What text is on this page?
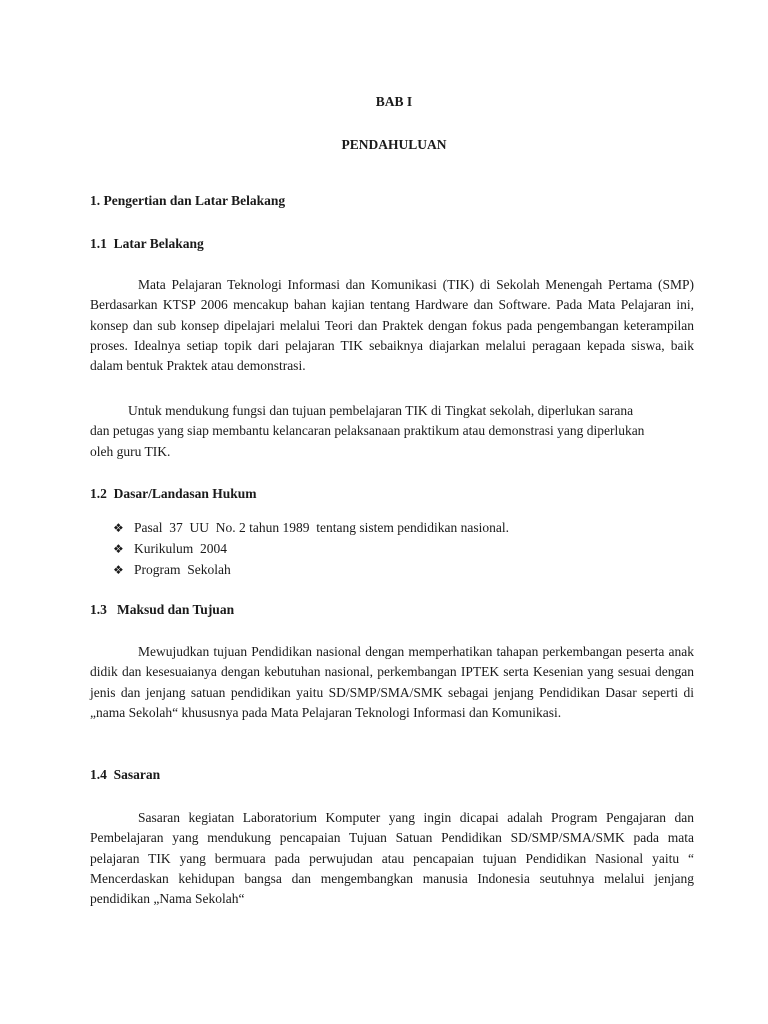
BAB I
PENDAHULUAN
1. Pengertian dan Latar Belakang
1.1  Latar Belakang

Mata Pelajaran Teknologi Informasi dan Komunikasi (TIK) di Sekolah Menengah Pertama (SMP) Berdasarkan KTSP 2006 mencakup bahan kajian tentang Hardware dan Software. Pada Mata Pelajaran ini, konsep dan sub konsep dipelajari melalui Teori dan Praktek dengan fokus pada pengembangan keterampilan proses. Idealnya setiap topik dari pelajaran TIK sebaiknya diajarkan melalui peragaan kepada siswa, baik dalam bentuk Praktek atau demonstrasi.

Untuk mendukung fungsi dan tujuan pembelajaran TIK di Tingkat sekolah, diperlukan sarana dan petugas yang siap membantu kelancaran pelaksanaan praktikum atau demonstrasi yang diperlukan oleh guru TIK.

1.2  Dasar/Landasan Hukum
❖ Pasal  37  UU  No. 2 tahun 1989  tentang sistem pendidikan nasional.
❖ Kurikulum  2004
❖ Program  Sekolah
1.3   Maksud dan Tujuan

Mewujudkan tujuan Pendidikan nasional dengan memperhatikan tahapan perkembangan peserta anak didik dan kesesuaianya dengan kebutuhan nasional, perkembangan IPTEK serta Kesenian yang sesuai dengan jenis dan jenjang satuan pendidikan yaitu SD/SMP/SMA/SMK sebagai jenjang Pendidikan Dasar seperti di „nama Sekolah“ khususnya pada Mata Pelajaran Teknologi Informasi dan Komunikasi.

1.4  Sasaran

Sasaran kegiatan Laboratorium Komputer yang ingin dicapai adalah Program Pengajaran dan Pembelajaran yang mendukung pencapaian Tujuan Satuan Pendidikan SD/SMP/SMA/SMK pada mata pelajaran TIK yang bermuara pada perwujudan atau pencapaian tujuan Pendidikan Nasional yaitu “ Mencerdaskan kehidupan bangsa dan mengembangkan manusia Indonesia seutuhnya melalui jenjang pendidikan „Nama Sekolah“
